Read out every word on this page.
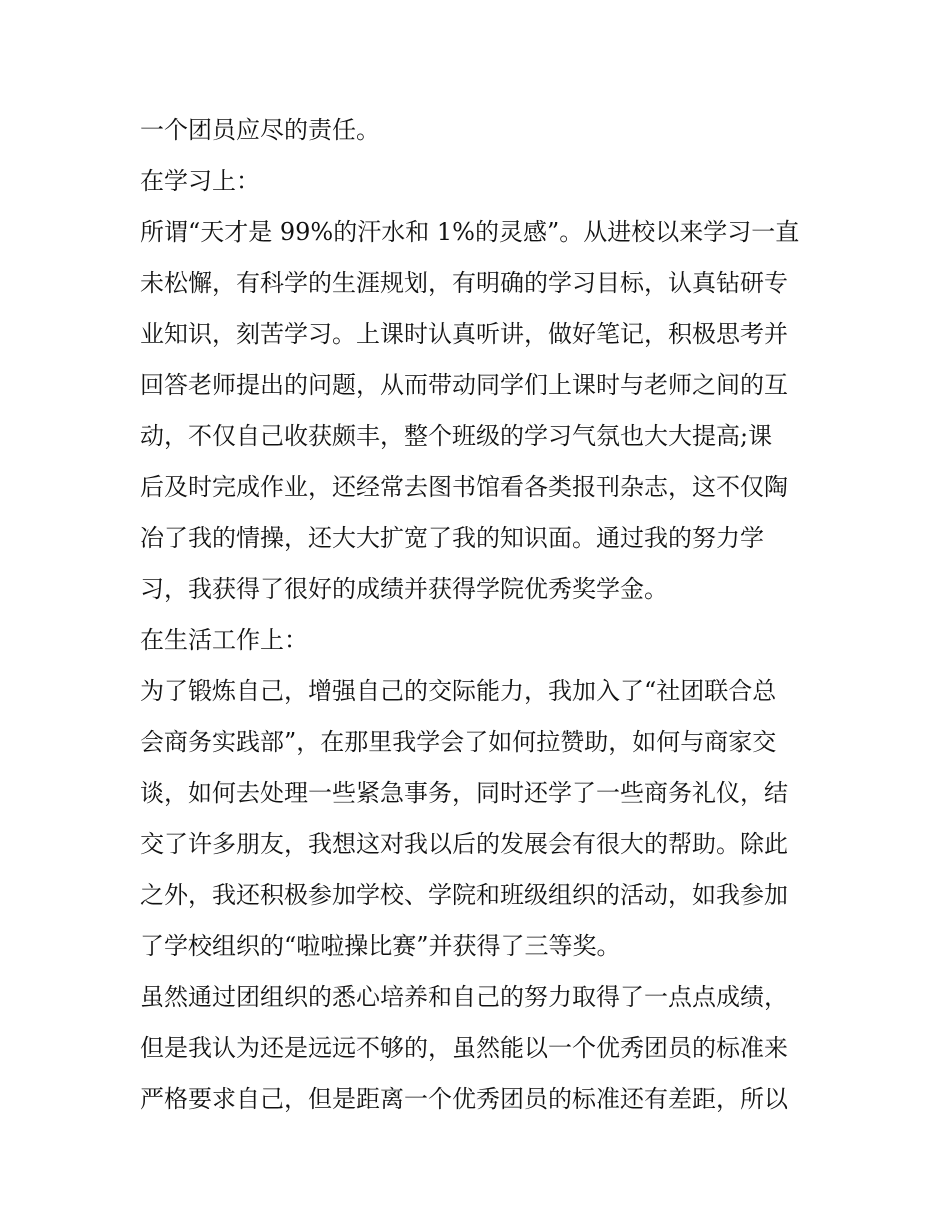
一个团员应尽的责任。
在学习上：
所谓“天才是 99%的汗水和 1%的灵感”。从进校以来学习一直
未松懈，有科学的生涯规划，有明确的学习目标，认真钻研专
业知识，刻苦学习。上课时认真听讲，做好笔记，积极思考并
回答老师提出的问题，从而带动同学们上课时与老师之间的互
动，不仅自己收获颇丰，整个班级的学习气氛也大大提高;课
后及时完成作业，还经常去图书馆看各类报刊杂志，这不仅陶
冶了我的情操，还大大扩宽了我的知识面。通过我的努力学
习，我获得了很好的成绩并获得学院优秀奖学金。
在生活工作上：
为了锻炼自己，增强自己的交际能力，我加入了“社团联合总
会商务实践部”，在那里我学会了如何拉赞助，如何与商家交
谈，如何去处理一些紧急事务，同时还学了一些商务礼仪，结
交了许多朋友，我想这对我以后的发展会有很大的帮助。除此
之外，我还积极参加学校、学院和班级组织的活动，如我参加
了学校组织的“啦啦操比赛”并获得了三等奖。
虽然通过团组织的悉心培养和自己的努力取得了一点点成绩，
但是我认为还是远远不够的，虽然能以一个优秀团员的标准来
严格要求自己，但是距离一个优秀团员的标准还有差距，所以
